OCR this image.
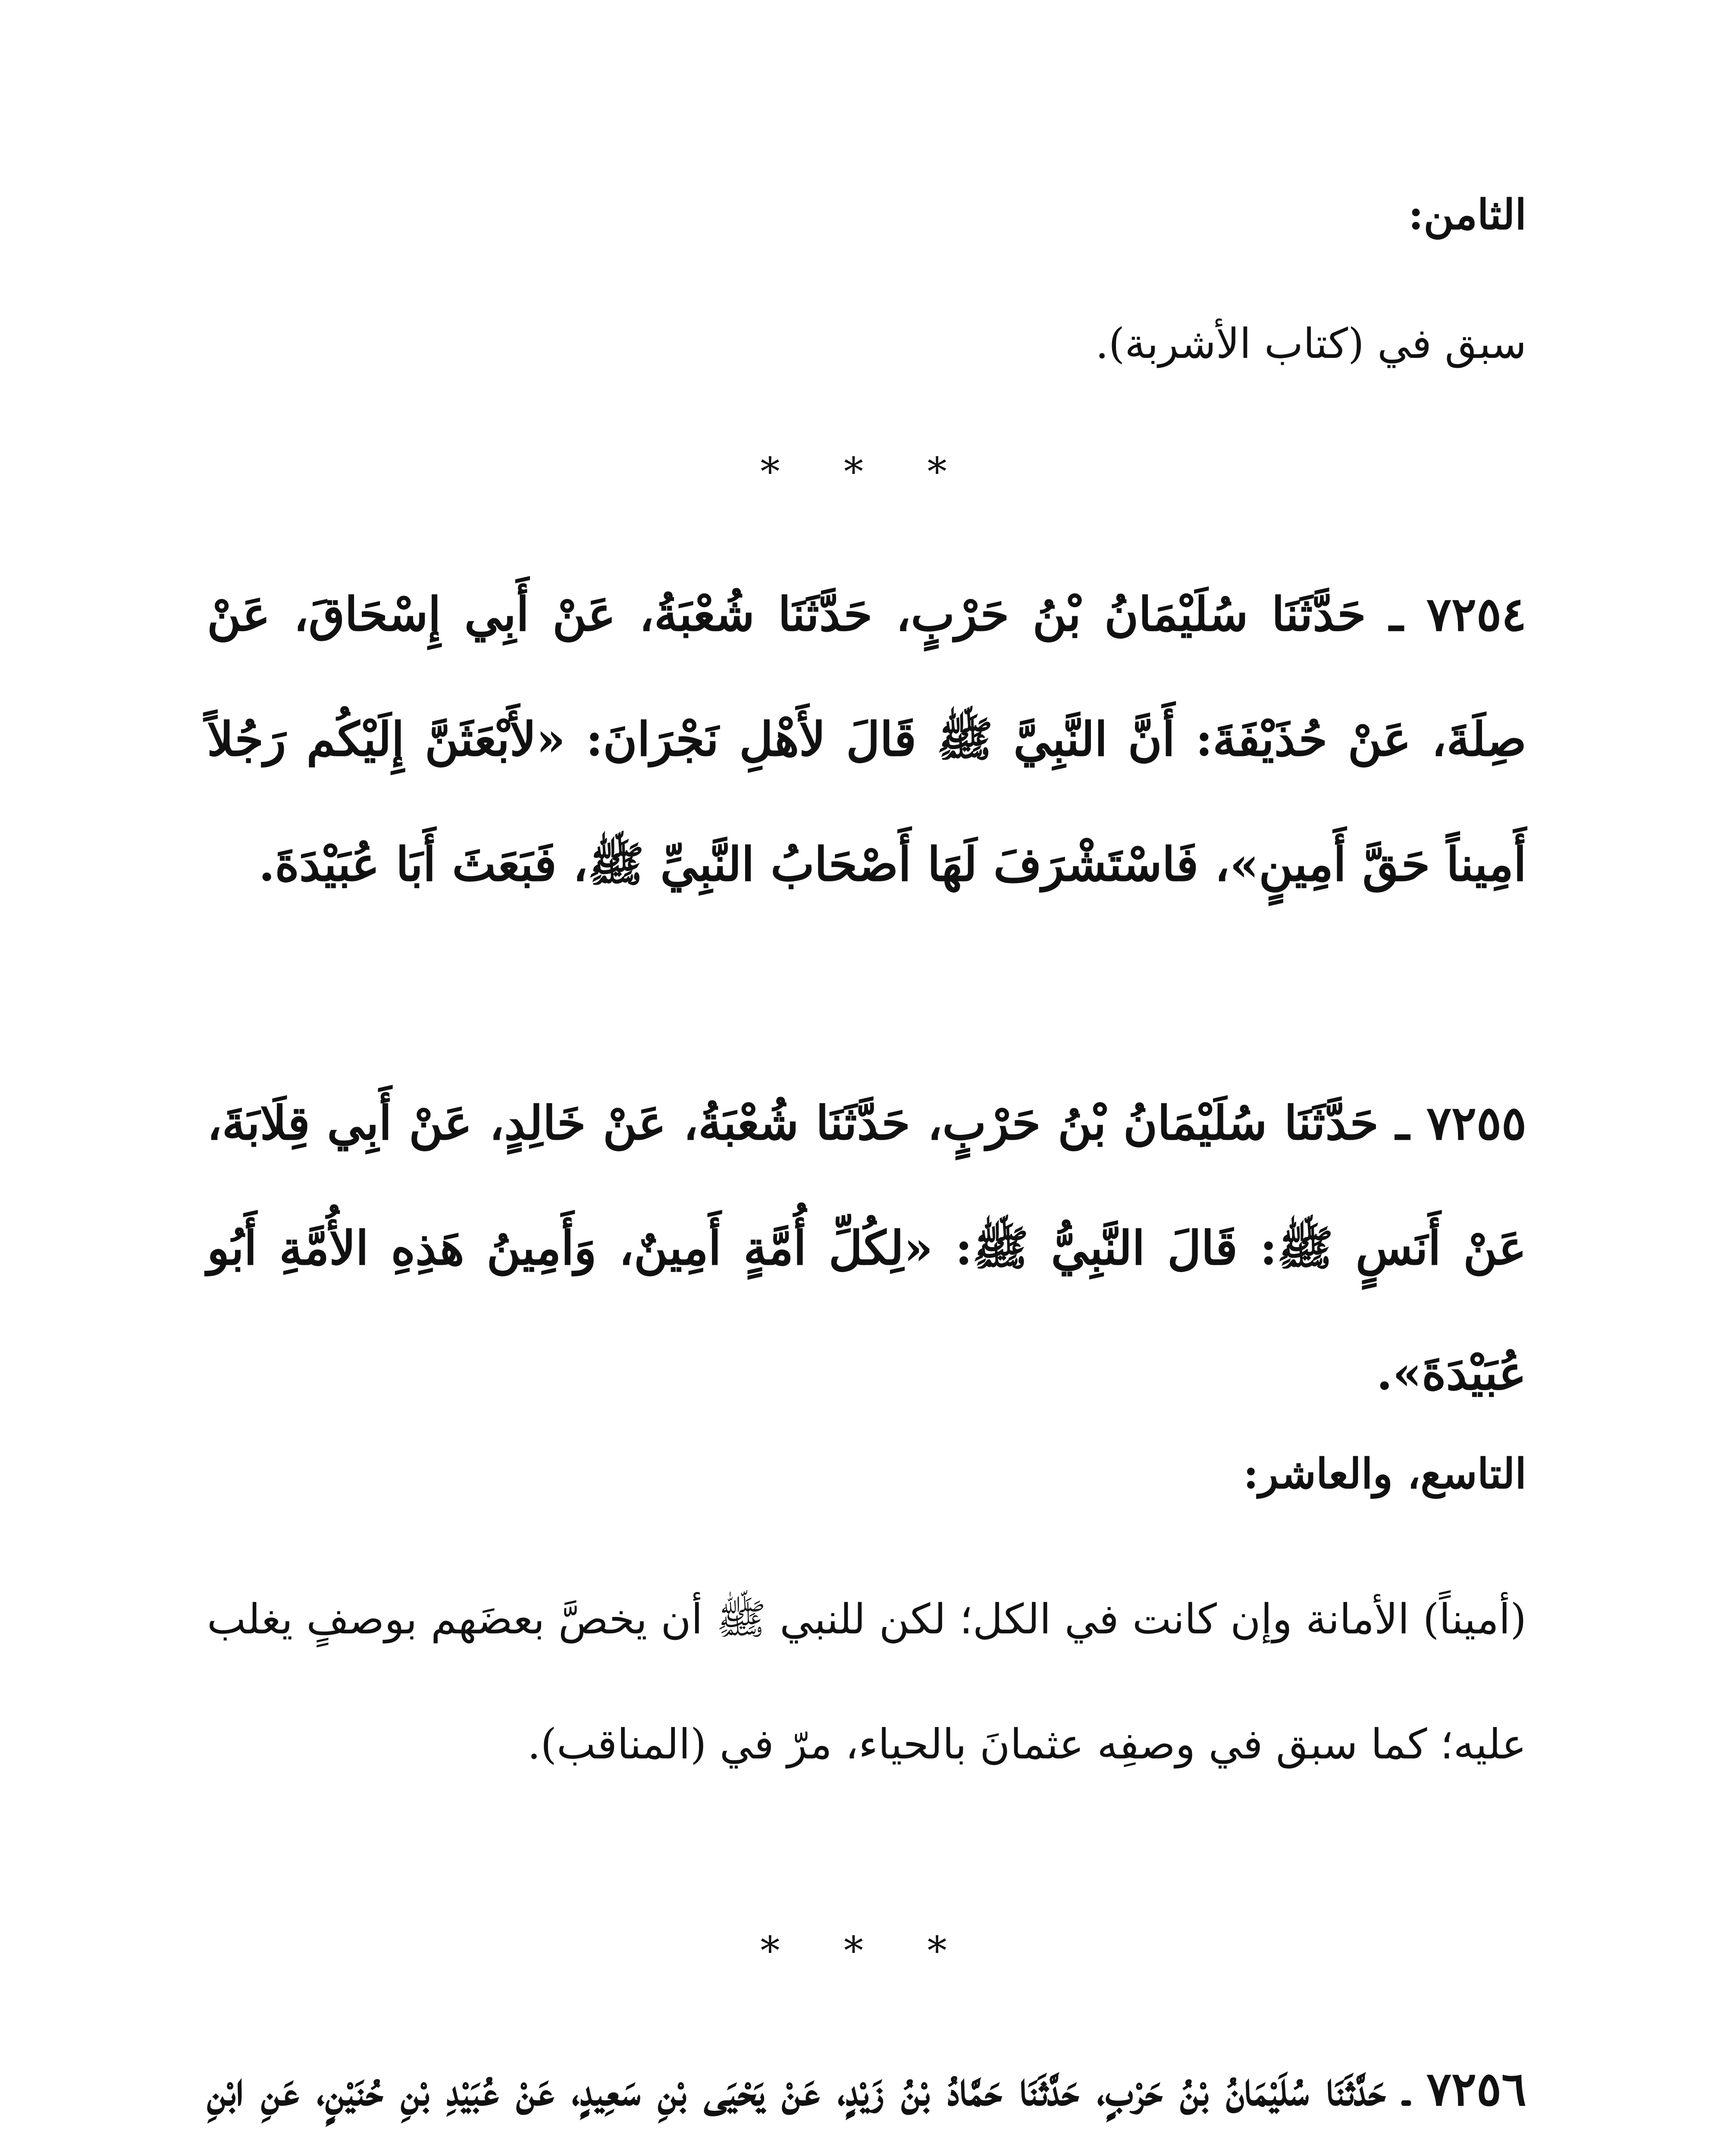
الثامن:

سبق في (كتاب الأشربة).

* * *

٧٢٥٤ ـ حَدَّثَنَا سُلَيْمَانُ بْنُ حَرْبٍ، حَدَّثَنَا شُعْبَةُ، عَنْ أَبِي إِسْحَاقَ، عَنْ صِلَةَ، عَنْ حُذَيْفَةَ: أَنَّ النَّبِيَّ ﷺ قَالَ لأَهْلِ نَجْرَانَ: «لأَبْعَثَنَّ إِلَيْكُم رَجُلاً أَمِيناً حَقَّ أَمِينٍ»، فَاسْتَشْرَفَ لَهَا أَصْحَابُ النَّبِيِّ ﷺ، فَبَعَثَ أَبَا عُبَيْدَةَ.

٧٢٥٥ ـ حَدَّثَنَا سُلَيْمَانُ بْنُ حَرْبٍ، حَدَّثَنَا شُعْبَةُ، عَنْ خَالِدٍ، عَنْ أَبِي قِلَابَةَ، عَنْ أَنَسٍ ﷺ: قَالَ النَّبِيُّ ﷺ: «لِكُلِّ أُمَّةٍ أَمِينٌ، وَأَمِينُ هَذِهِ الأُمَّةِ أَبُو عُبَيْدَةَ».

التاسع، والعاشر:

(أميناً) الأمانة وإن كانت في الكل؛ لكن للنبي ﷺ أن يخصَّ بعضَهم بوصفٍ يغلب عليه؛ كما سبق في وصفِه عثمانَ بالحياء، مرّ في (المناقب).

* * *

٧٢٥٦ ـ حَدَّثَنَا سُلَيْمَانُ بْنُ حَرْبٍ، حَدَّثَنَا حَمَّادُ بْنُ زَيْدٍ، عَنْ يَحْيَى بْنِ سَعِيدٍ، عَنْ عُبَيْدِ بْنِ حُنَيْنٍ، عَنِ ابْنِ
